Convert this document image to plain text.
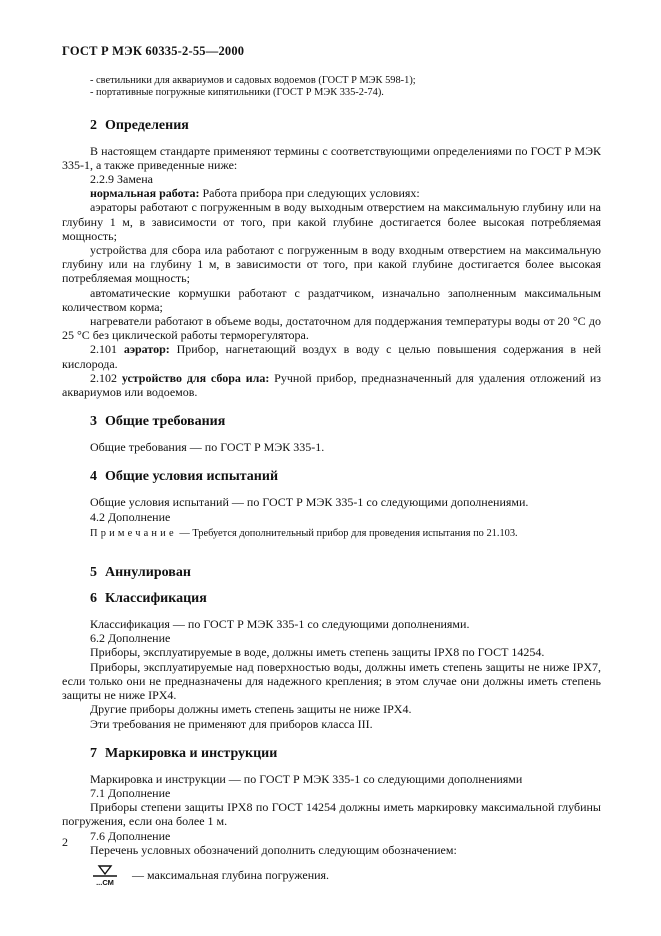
ГОСТ Р МЭК 60335-2-55—2000
- светильники для аквариумов и садовых водоемов (ГОСТ Р МЭК 598-1);
- портативные погружные кипятильники (ГОСТ Р МЭК 335-2-74).
2 Определения

В настоящем стандарте применяют термины с соответствующими определениями по ГОСТ Р МЭК 335-1, а также приведенные ниже:

2.2.9 Замена

нормальная работа: Работа прибора при следующих условиях:

аэраторы работают с погруженным в воду выходным отверстием на максимальную глубину или на глубину 1 м, в зависимости от того, при какой глубине достигается более высокая потребляемая мощность;

устройства для сбора ила работают с погруженным в воду входным отверстием на максимальную глубину или на глубину 1 м, в зависимости от того, при какой глубине достигается более высокая потребляемая мощность;

автоматические кормушки работают с раздатчиком, изначально заполненным максимальным количеством корма;

нагреватели работают в объеме воды, достаточном для поддержания температуры воды от 20 °С до 25 °С без циклической работы терморегулятора.

2.101 аэратор: Прибор, нагнетающий воздух в воду с целью повышения содержания в ней кислорода.

2.102 устройство для сбора ила: Ручной прибор, предназначенный для удаления отложений из аквариумов или водоемов.

3 Общие требования

Общие требования — по ГОСТ Р МЭК 335-1.

4 Общие условия испытаний

Общие условия испытаний — по ГОСТ Р МЭК 335-1 со следующими дополнениями.

4.2 Дополнение

Примечание — Требуется дополнительный прибор для проведения испытания по 21.103.

5 Аннулирован
6 Классификация

Классификация — по ГОСТ Р МЭК 335-1 со следующими дополнениями.

6.2 Дополнение

Приборы, эксплуатируемые в воде, должны иметь степень защиты IPX8 по ГОСТ 14254.

Приборы, эксплуатируемые над поверхностью воды, должны иметь степень защиты не ниже IPX7, если только они не предназначены для надежного крепления; в этом случае они должны иметь степень защиты не ниже IPX4.

Другие приборы должны иметь степень защиты не ниже IPX4.

Эти требования не применяют для приборов класса III.

7 Маркировка и инструкции

Маркировка и инструкции — по ГОСТ Р МЭК 335-1 со следующими дополнениями

7.1 Дополнение

Приборы степени защиты IPX8 по ГОСТ 14254 должны иметь маркировку максимальной глубины погружения, если она более 1 м.

7.6 Дополнение

Перечень условных обозначений дополнить следующим обозначением:

...СМ
— максимальная глубина погружения.
2
